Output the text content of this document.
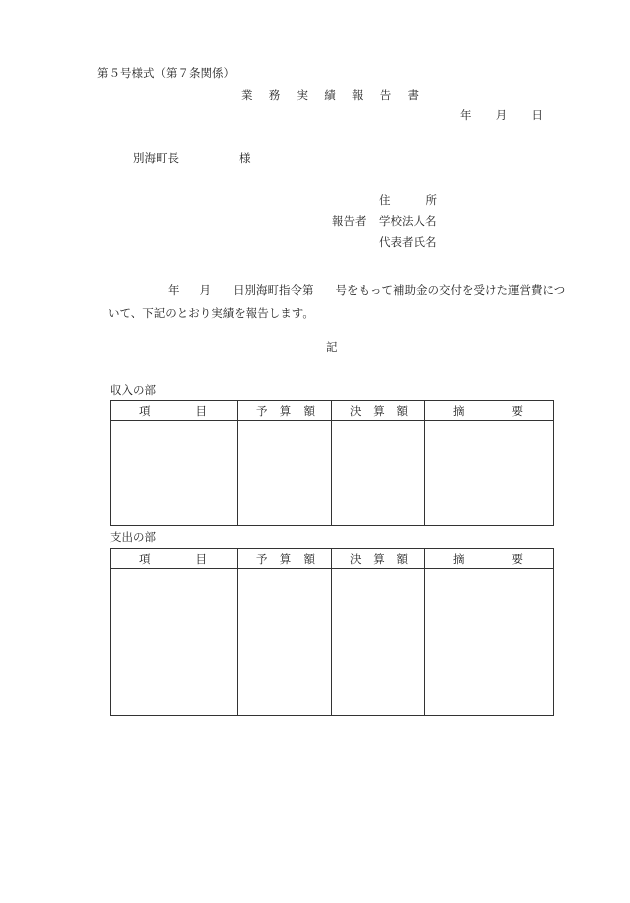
第５号様式（第７条関係）
業 務 実 績 報 告 書
年 月 日
別海町長	様
住	所
報告者 学校法人名
代表者氏名
年 月 日別海町指令第 号をもって補助金の交付を受けた運営費について、下記のとおり実績を報告します。
記
収入の部
項 目	予 算 額	決 算 額	摘 要

支出の部
項 目	予 算 額	決 算 額	摘 要
